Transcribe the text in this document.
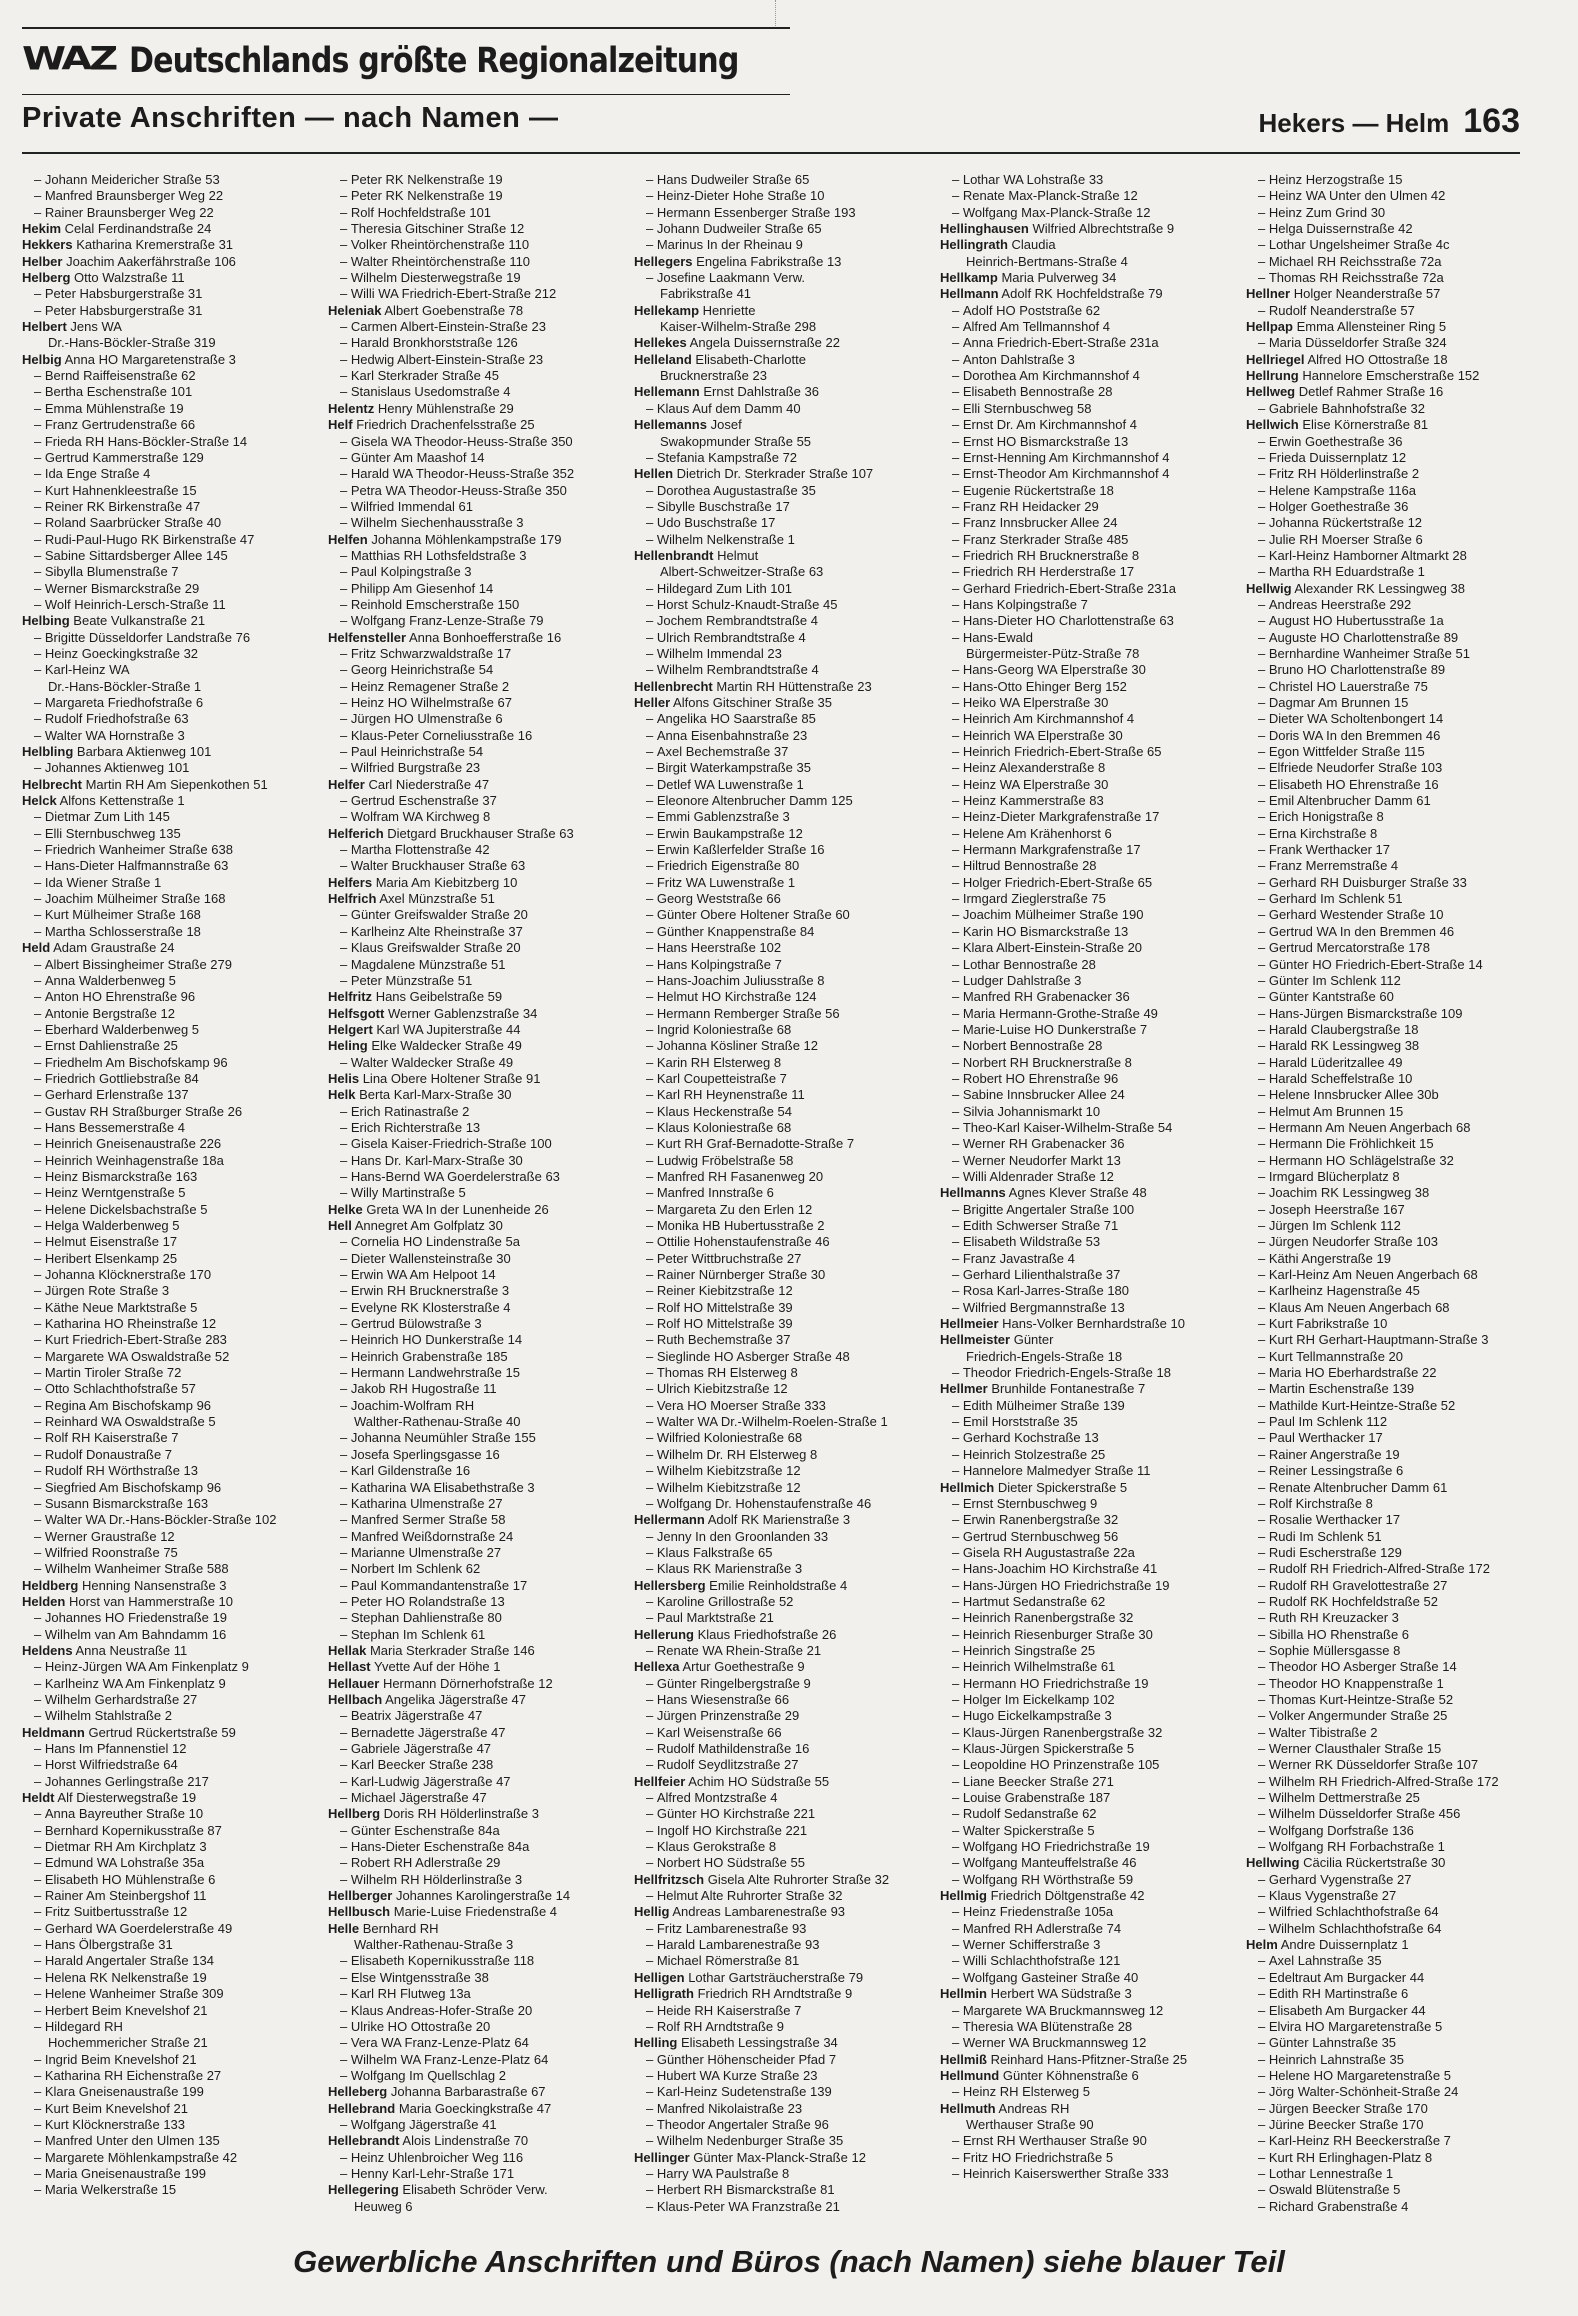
WAZ Deutschlands größte Regionalzeitung
Private Anschriften — nach Namen —	Hekers — Helm 163
– Johann Meidericher Straße 53
– Manfred Braunsberger Weg 22
– Rainer Braunsberger Weg 22
Hekim Celal Ferdinandstraße 24
Hekkers Katharina Kremerstraße 31
Helber Joachim Aakerfährstraße 106
Helberg Otto Walzstraße 11
– Peter Habsburgerstraße 31
– Peter Habsburgerstraße 31
Helbert Jens WA
Dr.-Hans-Böckler-Straße 319
Helbig Anna HO Margaretenstraße 3
– Bernd Raiffeisenstraße 62
– Bertha Eschenstraße 101
– Emma Mühlenstraße 19
– Franz Gertrudenstraße 66
– Frieda RH Hans-Böckler-Straße 14
– Gertrud Kammerstraße 129
– Ida Enge Straße 4
– Kurt Hahnenkleestraße 15
– Reiner RK Birkenstraße 47
– Roland Saarbrücker Straße 40
– Rudi-Paul-Hugo RK Birkenstraße 47
– Sabine Sittardsberger Allee 145
– Sibylla Blumenstraße 7
– Werner Bismarckstraße 29
– Wolf Heinrich-Lersch-Straße 11
Helbing Beate Vulkanstraße 21
– Brigitte Düsseldorfer Landstraße 76
– Heinz Goeckingkstraße 32
– Karl-Heinz WA
Dr.-Hans-Böckler-Straße 1
– Margareta Friedhofstraße 6
– Rudolf Friedhofstraße 63
– Walter WA Hornstraße 3
Helbling Barbara Aktienweg 101
– Johannes Aktienweg 101
Helbrecht Martin RH Am Siepenkothen 51
Helck Alfons Kettenstraße 1
– Dietmar Zum Lith 145
– Elli Sternbuschweg 135
– Friedrich Wanheimer Straße 638
– Hans-Dieter Halfmannstraße 63
– Ida Wiener Straße 1
– Joachim Mülheimer Straße 168
– Kurt Mülheimer Straße 168
– Martha Schlosserstraße 18
Held Adam Graustraße 24
– Albert Bissingheimer Straße 279
– Anna Walderbenweg 5
– Anton HO Ehrenstraße 96
– Antonie Bergstraße 12
– Eberhard Walderbenweg 5
– Ernst Dahlienstraße 25
– Friedhelm Am Bischofskamp 96
– Friedrich Gottliebstraße 84
– Gerhard Erlenstraße 137
– Gustav RH Straßburger Straße 26
– Hans Bessemerstraße 4
– Heinrich Gneisenaustraße 226
– Heinrich Weinhagenstraße 18a
– Heinz Bismarckstraße 163
– Heinz Werntgenstraße 5
– Helene Dickelsbachstraße 5
– Helga Walderbenweg 5
– Helmut Eisenstraße 17
– Heribert Elsenkamp 25
– Johanna Klöcknerstraße 170
– Jürgen Rote Straße 3
– Käthe Neue Marktstraße 5
– Katharina HO Rheinstraße 12
– Kurt Friedrich-Ebert-Straße 283
– Margarete WA Oswaldstraße 52
– Martin Tiroler Straße 72
– Otto Schlachthofstraße 57
– Regina Am Bischofskamp 96
– Reinhard WA Oswaldstraße 5
– Rolf RH Kaiserstraße 7
– Rudolf Donaustraße 7
– Rudolf RH Wörthstraße 13
– Siegfried Am Bischofskamp 96
– Susann Bismarckstraße 163
– Walter WA Dr.-Hans-Böckler-Straße 102
– Werner Graustraße 12
– Wilfried Roonstraße 75
– Wilhelm Wanheimer Straße 588
Heldberg Henning Nansenstraße 3
Helden Horst van Hammerstraße 10
– Johannes HO Friedenstraße 19
– Wilhelm van Am Bahndamm 16
Heldens Anna Neustraße 11
– Heinz-Jürgen WA Am Finkenplatz 9
– Karlheinz WA Am Finkenplatz 9
– Wilhelm Gerhardstraße 27
– Wilhelm Stahlstraße 2
Heldmann Gertrud Rückertstraße 59
– Hans Im Pfannenstiel 12
– Horst Wilfriedstraße 64
– Johannes Gerlingstraße 217
Heldt Alf Diesterwegstraße 19
– Anna Bayreuther Straße 10
– Bernhard Kopernikusstraße 87
– Dietmar RH Am Kirchplatz 3
– Edmund WA Lohstraße 35a
– Elisabeth HO Mühlenstraße 6
– Rainer Am Steinbergshof 11
– Fritz Suitbertusstraße 12
– Gerhard WA Goerdelerstraße 49
– Hans Ölbergstraße 31
– Harald Angertaler Straße 134
– Helena RK Nelkenstraße 19
– Helene Wanheimer Straße 309
– Herbert Beim Knevelshof 21
– Hildegard RH
Hochemmericher Straße 21
– Ingrid Beim Knevelshof 21
– Katharina RH Eichenstraße 27
– Klara Gneisenaustraße 199
– Kurt Beim Knevelshof 21
– Kurt Klöcknerstraße 133
– Manfred Unter den Ulmen 135
– Margarete Möhlenkampstraße 42
– Maria Gneisenaustraße 199
– Maria Welkerstraße 15
– Peter RK Nelkenstraße 19
– Peter RK Nelkenstraße 19
– Rolf Hochfeldstraße 101
– Theresia Gitschiner Straße 12
– Volker Rheintörchenstraße 110
– Walter Rheintörchenstraße 110
– Wilhelm Diesterwegstraße 19
– Willi WA Friedrich-Ebert-Straße 212
Heleniak Albert Goebenstraße 78
– Carmen Albert-Einstein-Straße 23
– Harald Bronkhorststraße 126
– Hedwig Albert-Einstein-Straße 23
– Karl Sterkrader Straße 45
– Stanislaus Usedomstraße 4
Helentz Henry Mühlenstraße 29
Helf Friedrich Drachenfelsstraße 25
– Gisela WA Theodor-Heuss-Straße 350
– Günter Am Maashof 14
– Harald WA Theodor-Heuss-Straße 352
– Petra WA Theodor-Heuss-Straße 350
– Wilfried Immendal 61
– Wilhelm Siechenhausstraße 3
Helfen Johanna Möhlenkampstraße 179
– Matthias RH Lothsfeldstraße 3
– Paul Kolpingstraße 3
– Philipp Am Giesenhof 14
– Reinhold Emscherstraße 150
– Wolfgang Franz-Lenze-Straße 79
Helfensteller Anna Bonhoefferstraße 16
– Fritz Schwarzwaldstraße 17
– Georg Heinrichstraße 54
– Heinz Remagener Straße 2
– Heinz HO Wilhelmstraße 67
– Jürgen HO Ulmenstraße 6
– Klaus-Peter Corneliusstraße 16
– Paul Heinrichstraße 54
– Wilfried Burgstraße 23
Helfer Carl Niederstraße 47
– Gertrud Eschenstraße 37
– Wolfram WA Kirchweg 8
Helferich Dietgard Bruckhauser Straße 63
– Martha Flottenstraße 42
– Walter Bruckhauser Straße 63
Helfers Maria Am Kiebitzberg 10
Helfrich Axel Münzstraße 51
– Günter Greifswalder Straße 20
– Karlheinz Alte Rheinstraße 37
– Klaus Greifswalder Straße 20
– Magdalene Münzstraße 51
– Peter Münzstraße 51
Helfritz Hans Geibelstraße 59
Helfsgott Werner Gablenzstraße 34
Helgert Karl WA Jupiterstraße 44
Heling Elke Waldecker Straße 49
– Walter Waldecker Straße 49
Helis Lina Obere Holtener Straße 91
Helk Berta Karl-Marx-Straße 30
– Erich Ratinastraße 2
– Erich Richterstraße 13
– Gisela Kaiser-Friedrich-Straße 100
– Hans Dr. Karl-Marx-Straße 30
– Hans-Bernd WA Goerdelerstraße 63
– Willy Martinstraße 5
Helke Greta WA In der Lunenheide 26
Hell Annegret Am Golfplatz 30
– Cornelia HO Lindenstraße 5a
– Dieter Wallensteinstraße 30
– Erwin WA Am Helpoot 14
– Erwin RH Brucknerstraße 3
– Evelyne RK Klosterstraße 4
– Gertrud Bülowstraße 3
– Heinrich HO Dunkerstraße 14
– Heinrich Grabenstraße 185
– Hermann Landwehrstraße 15
– Jakob RH Hugostraße 11
– Joachim-Wolfram RH
Walther-Rathenau-Straße 40
– Johanna Neumühler Straße 155
– Josefa Sperlingsgasse 16
– Karl Gildenstraße 16
– Katharina WA Elisabethstraße 3
– Katharina Ulmenstraße 27
– Manfred Sermer Straße 58
– Manfred Weißdornstraße 24
– Marianne Ulmenstraße 27
– Norbert Im Schlenk 62
– Paul Kommandantenstraße 17
– Peter HO Rolandstraße 13
– Stephan Dahlienstraße 80
– Stephan Im Schlenk 61
Hellak Maria Sterkrader Straße 146
Hellast Yvette Auf der Höhe 1
Hellauer Hermann Dörnerhofstraße 12
Hellbach Angelika Jägerstraße 47
– Beatrix Jägerstraße 47
– Bernadette Jägerstraße 47
– Gabriele Jägerstraße 47
– Karl Beecker Straße 238
– Karl-Ludwig Jägerstraße 47
– Michael Jägerstraße 47
Hellberg Doris RH Hölderlinstraße 3
– Günter Eschenstraße 84a
– Hans-Dieter Eschenstraße 84a
– Robert RH Adlerstraße 29
– Wilhelm RH Hölderlinstraße 3
Hellberger Johannes Karolingerstraße 14
Hellbusch Marie-Luise Friedenstraße 4
Helle Bernhard RH
Walther-Rathenau-Straße 3
– Elisabeth Kopernikusstraße 118
– Else Wintgensstraße 38
– Karl RH Flutweg 13a
– Klaus Andreas-Hofer-Straße 20
– Ulrike HO Ottostraße 20
– Vera WA Franz-Lenze-Platz 64
– Wilhelm WA Franz-Lenze-Platz 64
– Wolfgang Im Quellschlag 2
Helleberg Johanna Barbarastraße 67
Hellebrand Maria Goeckingkstraße 47
– Wolfgang Jägerstraße 41
Hellebrandt Alois Lindenstraße 70
– Heinz Uhlenbroicher Weg 116
– Henny Karl-Lehr-Straße 171
Hellegering Elisabeth Schröder Verw.
Heuweg 6
– Hans Dudweiler Straße 65
– Heinz-Dieter Hohe Straße 10
– Hermann Essenberger Straße 193
– Johann Dudweiler Straße 65
– Marinus In der Rheinau 9
Hellegers Engelina Fabrikstraße 13
– Josefine Laakmann Verw.
Fabrikstraße 41
Hellekamp Henriette
Kaiser-Wilhelm-Straße 298
Hellekes Angela Duissernstraße 22
Helleland Elisabeth-Charlotte
Brucknerstraße 23
Hellemann Ernst Dahlstraße 36
– Klaus Auf dem Damm 40
Hellemanns Josef
Swakopmunder Straße 55
– Stefania Kampstraße 72
Hellen Dietrich Dr. Sterkrader Straße 107
– Dorothea Augustastraße 35
– Sibylle Buschstraße 17
– Udo Buschstraße 17
– Wilhelm Nelkenstraße 1
Hellenbrandt Helmut
Albert-Schweitzer-Straße 63
– Hildegard Zum Lith 101
– Horst Schulz-Knaudt-Straße 45
– Jochem Rembrandtstraße 4
– Ulrich Rembrandtstraße 4
– Wilhelm Immendal 23
– Wilhelm Rembrandtstraße 4
Hellenbrecht Martin RH Hüttenstraße 23
Heller Alfons Gitschiner Straße 35
– Angelika HO Saarstraße 85
– Anna Eisenbahnstraße 23
– Axel Bechemstraße 37
– Birgit Waterkampstraße 35
– Detlef WA Luwenstraße 1
– Eleonore Altenbrucher Damm 125
– Emmi Gablenzstraße 3
– Erwin Baukampstraße 12
– Erwin Kaßlerfelder Straße 16
– Friedrich Eigenstraße 80
– Fritz WA Luwenstraße 1
– Georg Weststraße 66
– Günter Obere Holtener Straße 60
– Günther Knappenstraße 84
– Hans Heerstraße 102
– Hans Kolpingstraße 7
– Hans-Joachim Juliusstraße 8
– Helmut HO Kirchstraße 124
– Hermann Remberger Straße 56
– Ingrid Koloniestraße 68
– Johanna Kösliner Straße 12
– Karin RH Elsterweg 8
– Karl Coupetteistraße 7
– Karl RH Heynenstraße 11
– Klaus Heckenstraße 54
– Klaus Koloniestraße 68
– Kurt RH Graf-Bernadotte-Straße 7
– Ludwig Fröbelstraße 58
– Manfred RH Fasanenweg 20
– Manfred Innstraße 6
– Margareta Zu den Erlen 12
– Monika HB Hubertusstraße 2
– Ottilie Hohenstaufenstraße 46
– Peter Wittbruchstraße 27
– Rainer Nürnberger Straße 30
– Reiner Kiebitzstraße 12
– Rolf HO Mittelstraße 39
– Rolf HO Mittelstraße 39
– Ruth Bechemstraße 37
– Sieglinde HO Asberger Straße 48
– Thomas RH Elsterweg 8
– Ulrich Kiebitzstraße 12
– Vera HO Moerser Straße 333
– Walter WA Dr.-Wilhelm-Roelen-Straße 1
– Wilfried Koloniestraße 68
– Wilhelm Dr. RH Elsterweg 8
– Wilhelm Kiebitzstraße 12
– Wilhelm Kiebitzstraße 12
– Wolfgang Dr. Hohenstaufenstraße 46
Hellermann Adolf RK Marienstraße 3
– Jenny In den Groonlanden 33
– Klaus Falkstraße 65
– Klaus RK Marienstraße 3
Hellersberg Emilie Reinholdstraße 4
– Karoline Grillostraße 52
– Paul Marktstraße 21
Hellerung Klaus Friedhofstraße 26
– Renate WA Rhein-Straße 21
Hellexa Artur Goethestraße 9
– Günter Ringelbergstraße 9
– Hans Wiesenstraße 66
– Jürgen Prinzenstraße 29
– Karl Weisenstraße 66
– Rudolf Mathildenstraße 16
– Rudolf Seydlitzstraße 27
Hellfeier Achim HO Südstraße 55
– Alfred Montzstraße 4
– Günter HO Kirchstraße 221
– Ingolf HO Kirchstraße 221
– Klaus Gerokstraße 8
– Norbert HO Südstraße 55
Hellfritzsch Gisela Alte Ruhrorter Straße 32
– Helmut Alte Ruhrorter Straße 32
Hellig Andreas Lambarenestraße 93
– Fritz Lambarenestraße 93
– Harald Lambarenestraße 93
– Michael Römerstraße 81
Helligen Lothar Gartsträucherstraße 79
Helligrath Friedrich RH Arndtstraße 9
– Heide RH Kaiserstraße 7
– Rolf RH Arndtstraße 9
Helling Elisabeth Lessingstraße 34
– Günther Höhenscheider Pfad 7
– Hubert WA Kurze Straße 23
– Karl-Heinz Sudetenstraße 139
– Manfred Nikolaistraße 23
– Theodor Angertaler Straße 96
– Wilhelm Nedenburger Straße 35
Hellinger Günter Max-Planck-Straße 12
– Harry WA Paulstraße 8
– Herbert RH Bismarckstraße 81
– Klaus-Peter WA Franzstraße 21
– Lothar WA Lohstraße 33
– Renate Max-Planck-Straße 12
– Wolfgang Max-Planck-Straße 12
Hellinghausen Wilfried Albrechtstraße 9
Hellingrath Claudia
Heinrich-Bertmans-Straße 4
Hellkamp Maria Pulverweg 34
Hellmann Adolf RK Hochfeldstraße 79
– Adolf HO Poststraße 62
– Alfred Am Tellmannshof 4
– Anna Friedrich-Ebert-Straße 231a
– Anton Dahlstraße 3
– Dorothea Am Kirchmannshof 4
– Elisabeth Bennostraße 28
– Elli Sternbuschweg 58
– Ernst Dr. Am Kirchmannshof 4
– Ernst HO Bismarckstraße 13
– Ernst-Henning Am Kirchmannshof 4
– Ernst-Theodor Am Kirchmannshof 4
– Eugenie Rückertstraße 18
– Franz RH Heidacker 29
– Franz Innsbrucker Allee 24
– Franz Sterkrader Straße 485
– Friedrich RH Brucknerstraße 8
– Friedrich RH Herderstraße 17
– Gerhard Friedrich-Ebert-Straße 231a
– Hans Kolpingstraße 7
– Hans-Dieter HO Charlottenstraße 63
– Hans-Ewald
Bürgermeister-Pütz-Straße 78
– Hans-Georg WA Elperstraße 30
– Hans-Otto Ehinger Berg 152
– Heiko WA Elperstraße 30
– Heinrich Am Kirchmannshof 4
– Heinrich WA Elperstraße 30
– Heinrich Friedrich-Ebert-Straße 65
– Heinz Alexanderstraße 8
– Heinz WA Elperstraße 30
– Heinz Kammerstraße 83
– Heinz-Dieter Markgrafenstraße 17
– Helene Am Krähenhorst 6
– Hermann Markgrafenstraße 17
– Hiltrud Bennostraße 28
– Holger Friedrich-Ebert-Straße 65
– Irmgard Zieglerstraße 75
– Joachim Mülheimer Straße 190
– Karin HO Bismarckstraße 13
– Klara Albert-Einstein-Straße 20
– Lothar Bennostraße 28
– Ludger Dahlstraße 3
– Manfred RH Grabenacker 36
– Maria Hermann-Grothe-Straße 49
– Marie-Luise HO Dunkerstraße 7
– Norbert Bennostraße 28
– Norbert RH Brucknerstraße 8
– Robert HO Ehrenstraße 96
– Sabine Innsbrucker Allee 24
– Silvia Johannismarkt 10
– Theo-Karl Kaiser-Wilhelm-Straße 54
– Werner RH Grabenacker 36
– Werner Neudorfer Markt 13
– Willi Aldenrader Straße 12
Hellmanns Agnes Klever Straße 48
– Brigitte Angertaler Straße 100
– Edith Schwerser Straße 71
– Elisabeth Wildstraße 53
– Franz Javastraße 4
– Gerhard Lilienthalstraße 37
– Rosa Karl-Jarres-Straße 180
– Wilfried Bergmannstraße 13
Hellmeier Hans-Volker Bernhardstraße 10
Hellmeister Günter
Friedrich-Engels-Straße 18
– Theodor Friedrich-Engels-Straße 18
Hellmer Brunhilde Fontanestraße 7
– Edith Mülheimer Straße 139
– Emil Horststraße 35
– Gerhard Kochstraße 13
– Heinrich Stolzestraße 25
– Hannelore Malmedyer Straße 11
Hellmich Dieter Spickerstraße 5
– Ernst Sternbuschweg 9
– Erwin Ranenbergstraße 32
– Gertrud Sternbuschweg 56
– Gisela RH Augustastraße 22a
– Hans-Joachim HO Kirchstraße 41
– Hans-Jürgen HO Friedrichstraße 19
– Hartmut Sedanstraße 62
– Heinrich Ranenbergstraße 32
– Heinrich Riesenburger Straße 30
– Heinrich Singstraße 25
– Heinrich Wilhelmstraße 61
– Hermann HO Friedrichstraße 19
– Holger Im Eickelkamp 102
– Hugo Eickelkampstraße 3
– Klaus-Jürgen Ranenbergstraße 32
– Klaus-Jürgen Spickerstraße 5
– Leopoldine HO Prinzenstraße 105
– Liane Beecker Straße 271
– Louise Grabenstraße 187
– Rudolf Sedanstraße 62
– Walter Spickerstraße 5
– Wolfgang HO Friedrichstraße 19
– Wolfgang Manteuffelstraße 46
– Wolfgang RH Wörthstraße 59
Hellmig Friedrich Döltgenstraße 42
– Heinz Friedenstraße 105a
– Manfred RH Adlerstraße 74
– Werner Schifferstraße 3
– Willi Schlachthofstraße 121
– Wolfgang Gasteiner Straße 40
Hellmin Herbert WA Südstraße 3
– Margarete WA Bruckmannsweg 12
– Theresia WA Blütenstraße 28
– Werner WA Bruckmannsweg 12
Hellmiß Reinhard Hans-Pfitzner-Straße 25
Hellmund Günter Köhnenstraße 6
– Heinz RH Elsterweg 5
Hellmuth Andreas RH
Werthauser Straße 90
– Ernst RH Werthauser Straße 90
– Fritz HO Friedrichstraße 5
– Heinrich Kaiserswerther Straße 333
– Heinz Herzogstraße 15
– Heinz WA Unter den Ulmen 42
– Heinz Zum Grind 30
– Helga Duissernstraße 42
– Lothar Ungelsheimer Straße 4c
– Michael RH Reichsstraße 72a
– Thomas RH Reichsstraße 72a
Hellner Holger Neanderstraße 57
– Rudolf Neanderstraße 57
Hellpap Emma Allensteiner Ring 5
– Maria Düsseldorfer Straße 324
Hellriegel Alfred HO Ottostraße 18
Hellrung Hannelore Emscherstraße 152
Hellweg Detlef Rahmer Straße 16
– Gabriele Bahnhofstraße 32
Hellwich Elise Körnerstraße 81
– Erwin Goethestraße 36
– Frieda Duissernplatz 12
– Fritz RH Hölderlinstraße 2
– Helene Kampstraße 116a
– Holger Goethestraße 36
– Johanna Rückertstraße 12
– Julie RH Moerser Straße 6
– Karl-Heinz Hamborner Altmarkt 28
– Martha RH Eduardstraße 1
Hellwig Alexander RK Lessingweg 38
– Andreas Heerstraße 292
– August HO Hubertusstraße 1a
– Auguste HO Charlottenstraße 89
– Bernhardine Wanheimer Straße 51
– Bruno HO Charlottenstraße 89
– Christel HO Lauerstraße 75
– Dagmar Am Brunnen 15
– Dieter WA Scholtenbongert 14
– Doris WA In den Bremmen 46
– Egon Wittfelder Straße 115
– Elfriede Neudorfer Straße 103
– Elisabeth HO Ehrenstraße 16
– Emil Altenbrucher Damm 61
– Erich Honigstraße 8
– Erna Kirchstraße 8
– Frank Werthacker 17
– Franz Merremstraße 4
– Gerhard RH Duisburger Straße 33
– Gerhard Im Schlenk 51
– Gerhard Westender Straße 10
– Gertrud WA In den Bremmen 46
– Gertrud Mercatorstraße 178
– Günter HO Friedrich-Ebert-Straße 14
– Günter Im Schlenk 112
– Günter Kantstraße 60
– Hans-Jürgen Bismarckstraße 109
– Harald Claubergstraße 18
– Harald RK Lessingweg 38
– Harald Lüderitzallee 49
– Harald Scheffelstraße 10
– Helene Innsbrucker Allee 30b
– Helmut Am Brunnen 15
– Hermann Am Neuen Angerbach 68
– Hermann Die Fröhlichkeit 15
– Hermann HO Schlägelstraße 32
– Irmgard Blücherplatz 8
– Joachim RK Lessingweg 38
– Joseph Heerstraße 167
– Jürgen Im Schlenk 112
– Jürgen Neudorfer Straße 103
– Käthi Angerstraße 19
– Karl-Heinz Am Neuen Angerbach 68
– Karlheinz Hagenstraße 45
– Klaus Am Neuen Angerbach 68
– Kurt Fabrikstraße 10
– Kurt RH Gerhart-Hauptmann-Straße 3
– Kurt Tellmannstraße 20
– Maria HO Eberhardstraße 22
– Martin Eschenstraße 139
– Mathilde Kurt-Heintze-Straße 52
– Paul Im Schlenk 112
– Paul Werthacker 17
– Rainer Angerstraße 19
– Reiner Lessingstraße 6
– Renate Altenbrucher Damm 61
– Rolf Kirchstraße 8
– Rosalie Werthacker 17
– Rudi Im Schlenk 51
– Rudi Escherstraße 129
– Rudolf RH Friedrich-Alfred-Straße 172
– Rudolf RH Gravelottestraße 27
– Rudolf RK Hochfeldstraße 52
– Ruth RH Kreuzacker 3
– Sibilla HO Rhenstraße 6
– Sophie Müllersgasse 8
– Theodor HO Asberger Straße 14
– Theodor HO Knappenstraße 1
– Thomas Kurt-Heintze-Straße 52
– Volker Angermunder Straße 25
– Walter Tibistraße 2
– Werner Clausthaler Straße 15
– Werner RK Düsseldorfer Straße 107
– Wilhelm RH Friedrich-Alfred-Straße 172
– Wilhelm Dettmerstraße 25
– Wilhelm Düsseldorfer Straße 456
– Wolfgang Dorfstraße 136
– Wolfgang RH Forbachstraße 1
Hellwing Cäcilia Rückertstraße 30
– Gerhard Vygenstraße 27
– Klaus Vygenstraße 27
– Wilfried Schlachthofstraße 64
– Wilhelm Schlachthofstraße 64
Helm Andre Duissernplatz 1
– Axel Lahnstraße 35
– Edeltraut Am Burgacker 44
– Edith RH Martinstraße 6
– Elisabeth Am Burgacker 44
– Elvira HO Margaretenstraße 5
– Günter Lahnstraße 35
– Heinrich Lahnstraße 35
– Helene HO Margaretenstraße 5
– Jörg Walter-Schönheit-Straße 24
– Jürgen Beecker Straße 170
– Jürine Beecker Straße 170
– Karl-Heinz RH Beeckerstraße 7
– Kurt RH Erlinghagen-Platz 8
– Lothar Lennestraße 1
– Oswald Blütenstraße 5
– Richard Grabenstraße 4
Gewerbliche Anschriften und Büros (nach Namen) siehe blauer Teil
